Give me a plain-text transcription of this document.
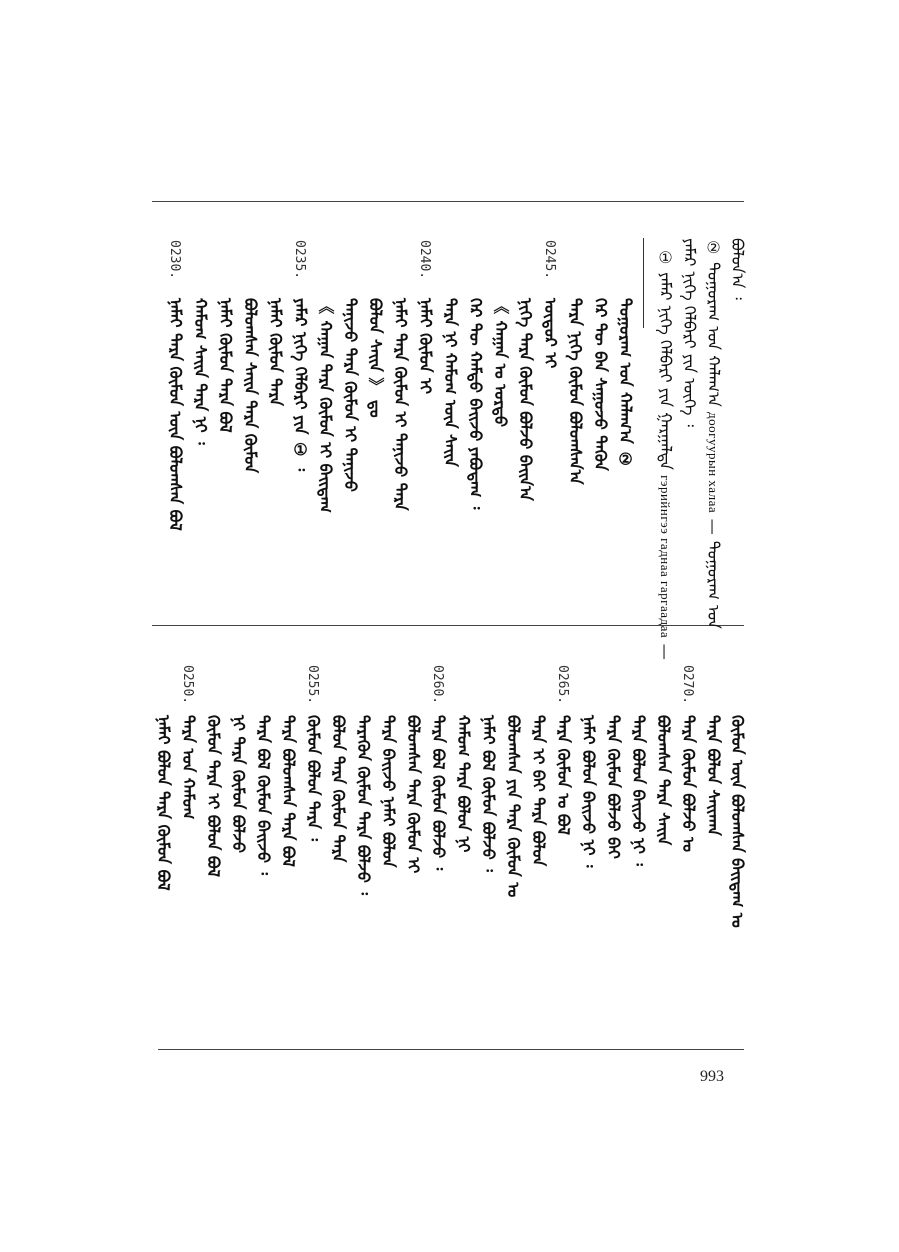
ᠪᠣᠯᠤᠨ᠎ᠠ ᠄
② ᠳᠣᠭᠣᠷᠠᠭ᠋ ᠤᠨ ᠬᠠᠯᠠᠭ᠎ᠠ доогуурын халаа — ᠳᠣᠭᠣᠷᠠᠭ᠋ ᠤᠨ
ᠶᠠᠮᠠᠷ ᠨᠢᠭᠡ ᠬᠡᠯᠪᠡᠷᠢ ᠶᠢᠨ ᠦᠭᠡ ᠄
① ᠶᠠᠮᠠᠷ ᠨᠢᠭᠡ ᠬᠡᠯᠪᠡᠷᠢ ᠶᠢᠨ ᠭᠠᠷᠭᠠᠯᠲᠠ гэрийнгээ гаднаа гаргаадаа —
ᠳᠣᠭᠣᠷᠠᠭ᠋ ᠤᠨ ᠬᠠᠯᠠᠭ᠎ᠠ ②
ᠭᠡᠷ ᠲᠦ ᠪᠠᠨ ᠰᠠᠭᠤᠵᠤ ᠲᠡᠭᠦᠨ
ᠲᠡᠷᠡ ᠨᠢᠭᠡ ᠬᠦᠮᠦᠨ ᠪᠣᠯᠤᠭᠰᠠᠨ᠎ᠠ
0245.
ᠦᠳᠦᠷ ᠢ
ᠨᠢᠭᠡ ᠲᠡᠷᠡ ᠬᠦᠮᠦᠨ ᠪᠣᠯᠵᠤ ᠪᠠᠢᠨ᠎ᠠ
《 ᠬᠠᠭᠠᠨ ᠤ ᠣᠷᠳᠣ
ᠭᠡᠷ ᠲᠦ ᠬᠠᠮᠲᠤ ᠪᠠᠢᠵᠤ ᠶᠠᠪᠤᠳᠠᠭ ᠄
ᠲᠡᠷᠡ ᠨᠢ ᠬᠠᠮᠤᠭ ᠦᠨ ᠰᠠᠢᠨ
0240.
ᠨᠠᠮᠠᠢ ᠬᠦᠮᠦᠨ ᠢ
ᠨᠠᠮᠠᠢ ᠲᠡᠷᠡ ᠬᠦᠮᠦᠨ ᠢ ᠲᠠᠨᠢᠵᠤ ᠲᠡᠷᠡ
ᠪᠣᠯᠤᠨ ᠰᠠᠢᠨ 》 ᠳᠤ
ᠲᠠᠨᠢᠵᠤ ᠲᠡᠷᠡ ᠬᠦᠮᠦᠨ ᠢ ᠲᠠᠨᠢᠵᠤ
《 ᠬᠠᠭᠠᠨ ᠲᠡᠷᠡ ᠬᠦᠮᠦᠨ ᠢ ᠪᠠᠢᠳᠠᠭ
0235.
ᠶᠠᠮᠠᠷ ᠨᠢᠭᠡ ᠬᠡᠯᠪᠡᠷᠢ ᠶᠢᠨ ① ᠄
ᠨᠠᠮᠠᠢ ᠬᠦᠮᠦᠨ ᠲᠡᠷᠡ
ᠪᠣᠯᠤᠭᠰᠠᠨ ᠰᠠᠢᠨ ᠲᠡᠷᠡ ᠬᠦᠮᠦᠨ
ᠨᠠᠮᠠᠢ ᠬᠦᠮᠦᠨ ᠲᠡᠷᠡ ᠪᠣᠯ
ᠬᠠᠮᠤᠭ ᠰᠠᠢᠨ ᠲᠡᠷᠡ ᠨᠢ ᠄
0230.
ᠨᠠᠮᠠᠢ ᠲᠡᠷᠡ ᠬᠦᠮᠦᠨ ᠦᠨ ᠪᠣᠯᠤᠭᠰᠠᠨ ᠪᠣᠯ
ᠬᠦᠮᠦᠨ ᠦᠨ ᠪᠣᠯᠤᠭᠰᠠᠨ ᠪᠠᠢᠳᠠᠭ ᠤ
ᠲᠡᠷᠡ ᠪᠣᠯᠤᠨ ᠰᠠᠢᠬᠠᠨ
0270.
ᠲᠡᠷᠡ ᠬᠦᠮᠦᠨ ᠪᠣᠯᠵᠤ ᠤ
ᠪᠣᠯᠤᠭᠰᠠᠨ ᠲᠡᠷᠡ ᠰᠠᠢᠨ
ᠲᠡᠷᠡ ᠪᠣᠯᠤᠨ ᠪᠠᠢᠵᠤ ᠨᠢ ᠄
ᠲᠡᠷᠡ ᠬᠦᠮᠦᠨ ᠪᠣᠯᠵᠤ ᠪᠠᠢ
ᠨᠠᠮᠠᠢ ᠪᠣᠯᠤᠨ ᠪᠠᠢᠵᠤ ᠨᠢ ᠄
0265.
ᠲᠡᠷᠡ ᠬᠦᠮᠦᠨ ᠤ ᠪᠣᠯ
ᠲᠡᠷᠡ ᠢ ᠪᠠᠢ ᠲᠡᠷᠡ ᠪᠣᠯᠤᠨ
ᠪᠣᠯᠤᠭᠰᠠᠨ ᠶᠢᠨ ᠲᠡᠷᠡ ᠬᠦᠮᠦᠨ ᠤ
ᠨᠠᠮᠠᠢ ᠪᠣᠯ ᠬᠦᠮᠦᠨ ᠪᠣᠯᠵᠤ ᠄
ᠬᠠᠮᠤᠭ ᠲᠡᠷᠡ ᠪᠣᠯᠤᠨ ᠨᠢ
0260.
ᠲᠡᠷᠡ ᠪᠣᠯ ᠬᠦᠮᠦᠨ ᠪᠣᠯᠵᠤ ᠄
ᠪᠣᠯᠤᠭᠰᠠᠨ ᠲᠡᠷᠡ ᠬᠦᠮᠦᠨ ᠢ
ᠲᠡᠷᠡ ᠪᠠᠢᠵᠤ ᠨᠠᠮᠠᠢ ᠪᠣᠯᠤᠨ
ᠲᠡᠷᠡᠭᠦᠨ ᠬᠦᠮᠦᠨ ᠲᠡᠷᠡ ᠪᠣᠯᠵᠤ ᠄
ᠪᠣᠯᠤᠨ ᠲᠡᠷᠡ ᠬᠦᠮᠦᠨ ᠲᠡᠷᠡ
0255.
ᠬᠦᠮᠦᠨ ᠪᠣᠯᠤᠨ ᠲᠡᠷᠡ ᠄
ᠲᠡᠷᠡ ᠪᠣᠯᠤᠭᠰᠠᠨ ᠲᠡᠷᠡ ᠪᠣᠯ
ᠲᠡᠷᠡ ᠪᠣᠯ ᠬᠦᠮᠦᠨ ᠪᠠᠢᠵᠤ ᠄
ᠨᠢ ᠲᠡᠷᠡ ᠬᠦᠮᠦᠨ ᠪᠣᠯᠵᠤ
ᠬᠦᠮᠦᠨ ᠲᠡᠷᠡ ᠢ ᠪᠣᠯᠤᠨ ᠪᠣᠯ
0250.
ᠲᠡᠷᠡ ᠤᠨ ᠬᠠᠮᠤᠭ
ᠨᠠᠮᠠᠢ ᠪᠣᠯᠤᠨ ᠲᠡᠷᠡ ᠬᠦᠮᠦᠨ ᠪᠣᠯ
993
